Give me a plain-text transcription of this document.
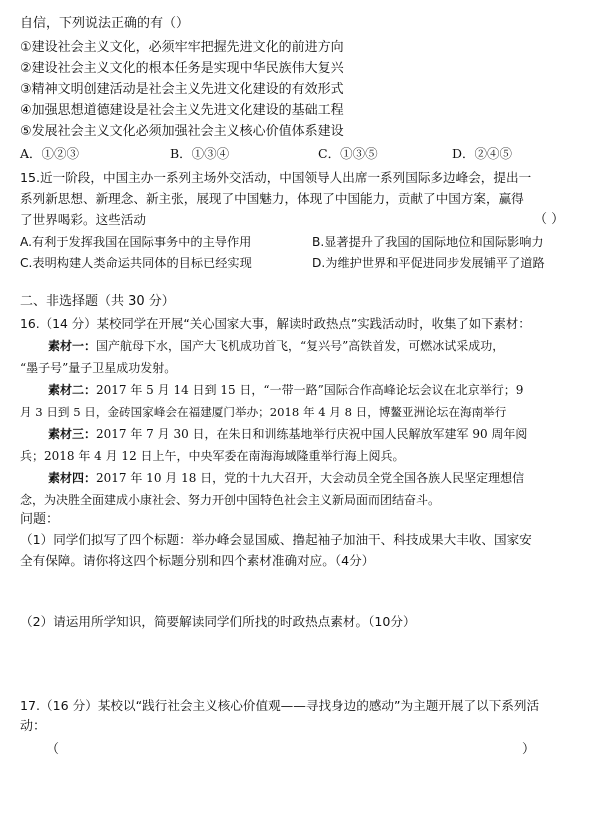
自信，下列说法正确的有（）
①建设社会主义文化，必须牢牢把握先进文化的前进方向
②建设社会主义文化的根本任务是实现中华民族伟大复兴
③精神文明创建活动是社会主义先进文化建设的有效形式
④加强思想道德建设是社会主义先进文化建设的基础工程
⑤发展社会主义文化必须加强社会主义核心价值体系建设
A．①②③	B．①③④	C．①③⑤	D．②④⑤
15.近一阶段，中国主办一系列主场外交活动，中国领导人出席一系列国际多边峰会，提出一
系列新思想、新理念、新主张，展现了中国魅力，体现了中国能力，贡献了中国方案，赢得
了世界喝彩。这些活动	（ ）
A.有利于发挥我国在国际事务中的主导作用	B.显著提升了我国的国际地位和国际影响力
C.表明构建人类命运共同体的目标已经实现	D.为维护世界和平促进同步发展铺平了道路
二、非选择题（共 30 分）
16.（14 分）某校同学在开展“关心国家大事，解读时政热点”实践活动时，收集了如下素材：
素材一：国产航母下水，国产大飞机成功首飞，“复兴号”高铁首发，可燃冰试采成功，
“墨子号”量子卫星成功发射。
素材二：2017 年 5 月 14 日到 15 日，“一带一路”国际合作高峰论坛会议在北京举行；9
月 3 日到 5 日，金砖国家峰会在福建厦门举办；2018 年 4 月 8 日，博鳌亚洲论坛在海南举行
素材三：2017 年 7 月 30 日，在朱日和训练基地举行庆祝中国人民解放军建军 90 周年阅
兵；2018 年 4 月 12 日上午，中央军委在南海海域隆重举行海上阅兵。
素材四：2017 年 10 月 18 日，党的十九大召开，大会动员全党全国各族人民坚定理想信
念，为决胜全面建成小康社会、努力开创中国特色社会主义新局面而团结奋斗。
问题：
（1）同学们拟写了四个标题：举办峰会显国威、撸起袖子加油干、科技成果大丰收、国家安
全有保障。请你将这四个标题分别和四个素材准确对应。（4分）
（2）请运用所学知识，简要解读同学们所找的时政热点素材。（10分）
17.（16 分）某校以“践行社会主义核心价值观——寻找身边的感动”为主题开展了以下系列活
动：
（	）
